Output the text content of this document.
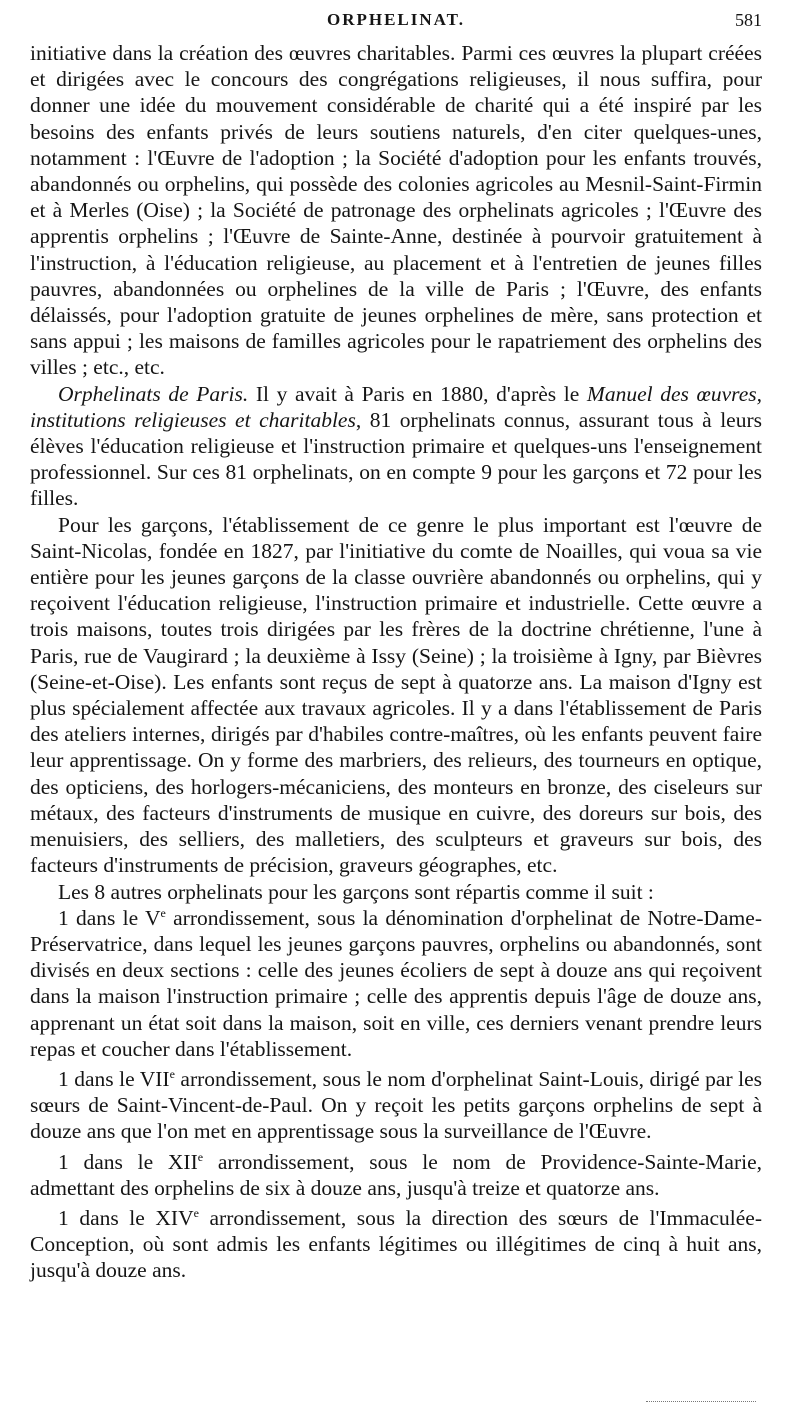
ORPHELINAT.	581

initiative dans la création des œuvres charitables. Parmi ces œuvres la plupart créées et dirigées avec le concours des congrégations religieuses, il nous suffira, pour donner une idée du mouvement considérable de charité qui a été inspiré par les besoins des enfants privés de leurs soutiens naturels, d'en citer quelques-unes, notamment : l'Œuvre de l'adoption ; la Société d'adoption pour les enfants trouvés, abandonnés ou orphelins, qui possède des colonies agricoles au Mesnil-Saint-Firmin et à Merles (Oise) ; la Société de patronage des orphelinats agricoles ; l'Œuvre des apprentis orphelins ; l'Œuvre de Sainte-Anne, destinée à pourvoir gratuitement à l'instruction, à l'éducation religieuse, au placement et à l'entretien de jeunes filles pauvres, abandonnées ou orphelines de la ville de Paris ; l'Œuvre, des enfants délaissés, pour l'adoption gratuite de jeunes orphelines de mère, sans protection et sans appui ; les maisons de familles agricoles pour le rapatriement des orphelins des villes ; etc., etc.

Orphelinats de Paris. Il y avait à Paris en 1880, d'après le Manuel des œuvres, institutions religieuses et charitables, 81 orphelinats connus, assurant tous à leurs élèves l'éducation religieuse et l'instruction primaire et quelques-uns l'enseignement professionnel. Sur ces 81 orphelinats, on en compte 9 pour les garçons et 72 pour les filles.

Pour les garçons, l'établissement de ce genre le plus important est l'œuvre de Saint-Nicolas, fondée en 1827, par l'initiative du comte de Noailles, qui voua sa vie entière pour les jeunes garçons de la classe ouvrière abandonnés ou orphelins, qui y reçoivent l'éducation religieuse, l'instruction primaire et industrielle. Cette œuvre a trois maisons, toutes trois dirigées par les frères de la doctrine chrétienne, l'une à Paris, rue de Vaugirard ; la deuxième à Issy (Seine) ; la troisième à Igny, par Bièvres (Seine-et-Oise). Les enfants sont reçus de sept à quatorze ans. La maison d'Igny est plus spécialement affectée aux travaux agricoles. Il y a dans l'établissement de Paris des ateliers internes, dirigés par d'habiles contre-maîtres, où les enfants peuvent faire leur apprentissage. On y forme des marbriers, des relieurs, des tourneurs en optique, des opticiens, des horlogers-mécaniciens, des monteurs en bronze, des ciseleurs sur métaux, des facteurs d'instruments de musique en cuivre, des doreurs sur bois, des menuisiers, des selliers, des malletiers, des sculpteurs et graveurs sur bois, des facteurs d'instruments de précision, graveurs géographes, etc.

Les 8 autres orphelinats pour les garçons sont répartis comme il suit :

1 dans le Ve arrondissement, sous la dénomination d'orphelinat de Notre-Dame-Préservatrice, dans lequel les jeunes garçons pauvres, orphelins ou abandonnés, sont divisés en deux sections : celle des jeunes écoliers de sept à douze ans qui reçoivent dans la maison l'instruction primaire ; celle des apprentis depuis l'âge de douze ans, apprenant un état soit dans la maison, soit en ville, ces derniers venant prendre leurs repas et coucher dans l'établissement.

1 dans le VIIe arrondissement, sous le nom d'orphelinat Saint-Louis, dirigé par les sœurs de Saint-Vincent-de-Paul. On y reçoit les petits garçons orphelins de sept à douze ans que l'on met en apprentissage sous la surveillance de l'Œuvre.

1 dans le XIIe arrondissement, sous le nom de Providence-Sainte-Marie, admettant des orphelins de six à douze ans, jusqu'à treize et quatorze ans.

1 dans le XIVe arrondissement, sous la direction des sœurs de l'Immaculée-Conception, où sont admis les enfants légitimes ou illégitimes de cinq à huit ans, jusqu'à douze ans.
